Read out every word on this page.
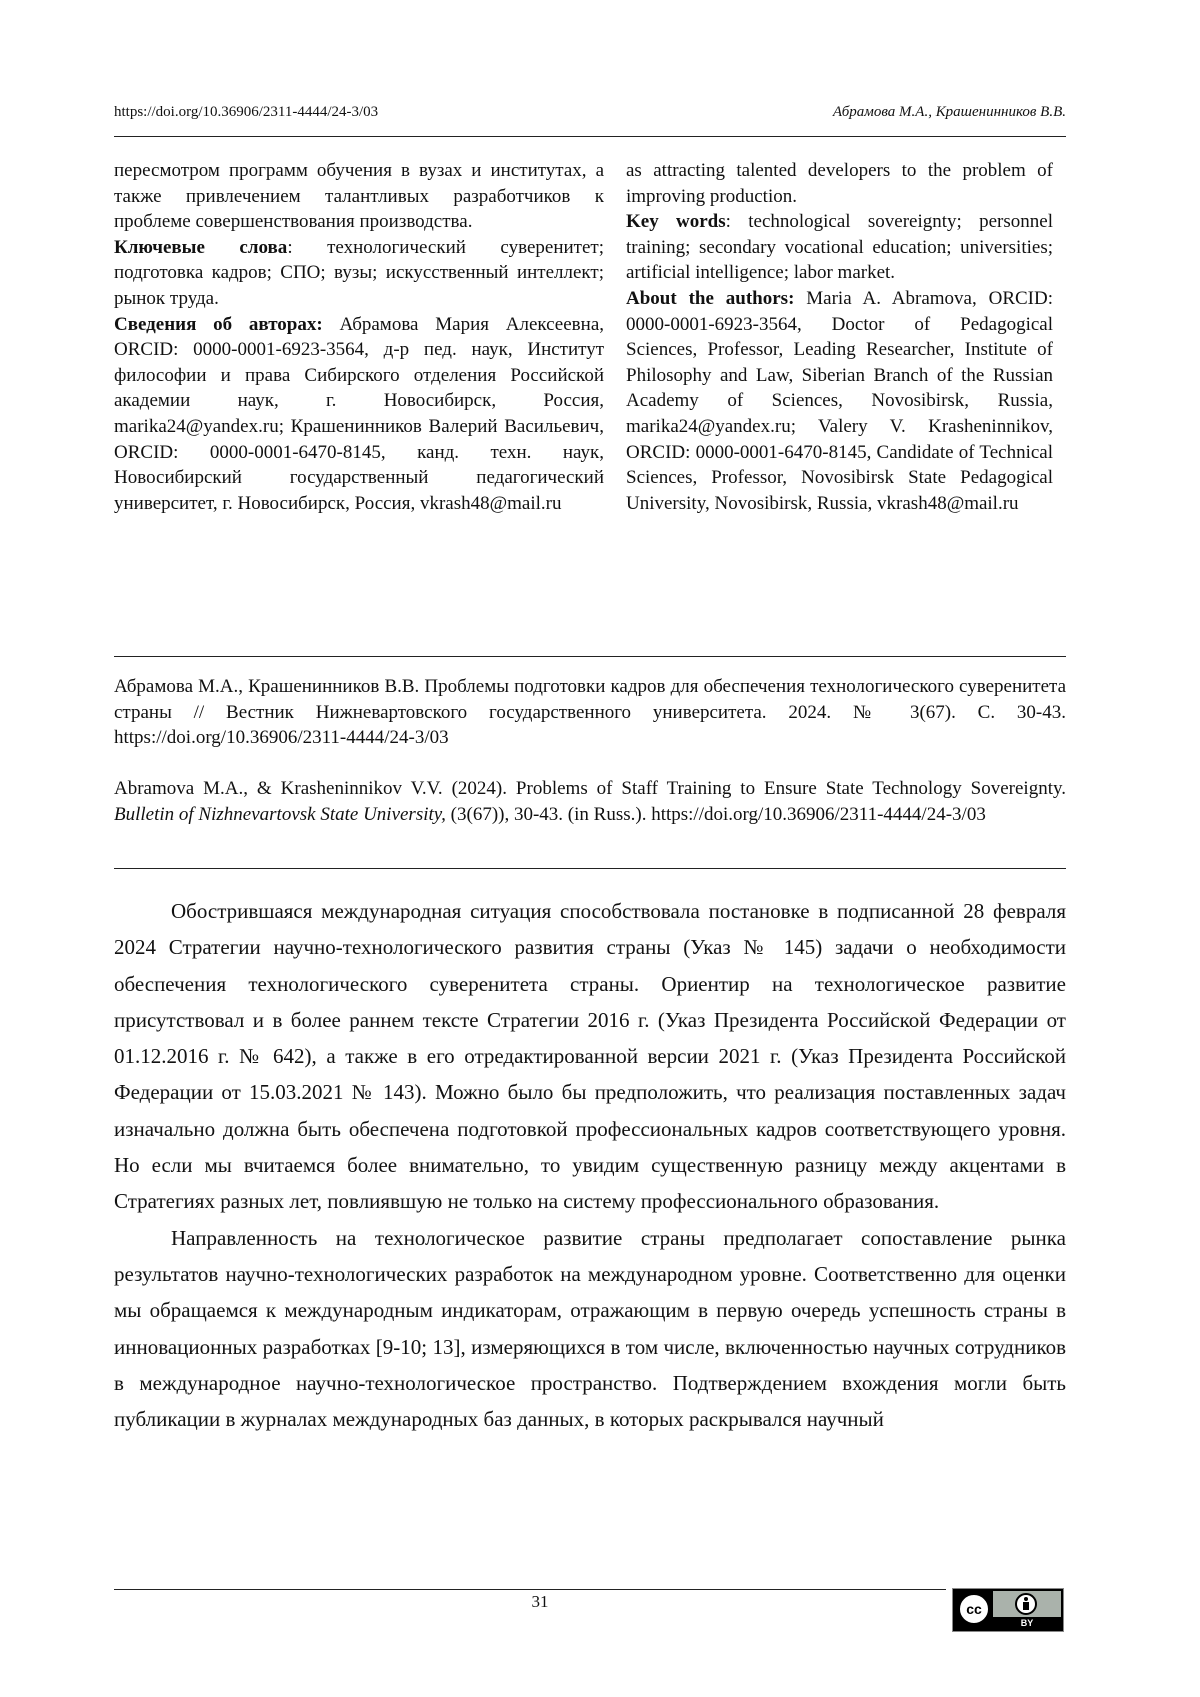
https://doi.org/10.36906/2311-4444/24-3/03	Абрамова М.А., Крашенинников В.В.

пересмотром программ обучения в вузах и институтах, а также привлечением талантливых разработчиков к проблеме совершенствования производства.

Ключевые слова: технологический суверенитет; подготовка кадров; СПО; вузы; искусственный интеллект; рынок труда.

Сведения об авторах: Абрамова Мария Алексеевна, ORCID: 0000-0001-6923-3564, д-р пед. наук, Институт философии и права Сибирского отделения Российской академии наук, г. Новосибирск, Россия, marika24@yandex.ru; Крашенинников Валерий Васильевич, ORCID: 0000-0001-6470-8145, канд. техн. наук, Новосибирский государственный педагогический университет, г. Новосибирск, Россия, vkrash48@mail.ru

as attracting talented developers to the problem of improving production.

Key words: technological sovereignty; personnel training; secondary vocational education; universities; artificial intelligence; labor market.

About the authors: Maria A. Abramova, ORCID: 0000-0001-6923-3564, Doctor of Pedagogical Sciences, Professor, Leading Researcher, Institute of Philosophy and Law, Siberian Branch of the Russian Academy of Sciences, Novosibirsk, Russia, marika24@yandex.ru; Valery V. Krasheninnikov, ORCID: 0000-0001-6470-8145, Candidate of Technical Sciences, Professor, Novosibirsk State Pedagogical University, Novosibirsk, Russia, vkrash48@mail.ru

Абрамова М.А., Крашенинников В.В. Проблемы подготовки кадров для обеспечения технологического суверенитета страны // Вестник Нижневартовского государственного университета. 2024. № 3(67). С. 30-43. https://doi.org/10.36906/2311-4444/24-3/03

Abramova M.A., & Krasheninnikov V.V. (2024). Problems of Staff Training to Ensure State Technology Sovereignty. Bulletin of Nizhnevartovsk State University, (3(67)), 30-43. (in Russ.). https://doi.org/10.36906/2311-4444/24-3/03

Обострившаяся международная ситуация способствовала постановке в подписанной 28 февраля 2024 Стратегии научно-технологического развития страны (Указ № 145) задачи о необходимости обеспечения технологического суверенитета страны. Ориентир на технологическое развитие присутствовал и в более раннем тексте Стратегии 2016 г. (Указ Президента Российской Федерации от 01.12.2016 г. № 642), а также в его отредактированной версии 2021 г. (Указ Президента Российской Федерации от 15.03.2021 № 143). Можно было бы предположить, что реализация поставленных задач изначально должна быть обеспечена подготовкой профессиональных кадров соответствующего уровня. Но если мы вчитаемся более внимательно, то увидим существенную разницу между акцентами в Стратегиях разных лет, повлиявшую не только на систему профессионального образования.

Направленность на технологическое развитие страны предполагает сопоставление рынка результатов научно-технологических разработок на международном уровне. Соответственно для оценки мы обращаемся к международным индикаторам, отражающим в первую очередь успешность страны в инновационных разработках [9-10; 13], измеряющихся в том числе, включенностью научных сотрудников в международное научно-технологическое пространство. Подтверждением вхождения могли быть публикации в журналах международных баз данных, в которых раскрывался научный

31	cc
BY
